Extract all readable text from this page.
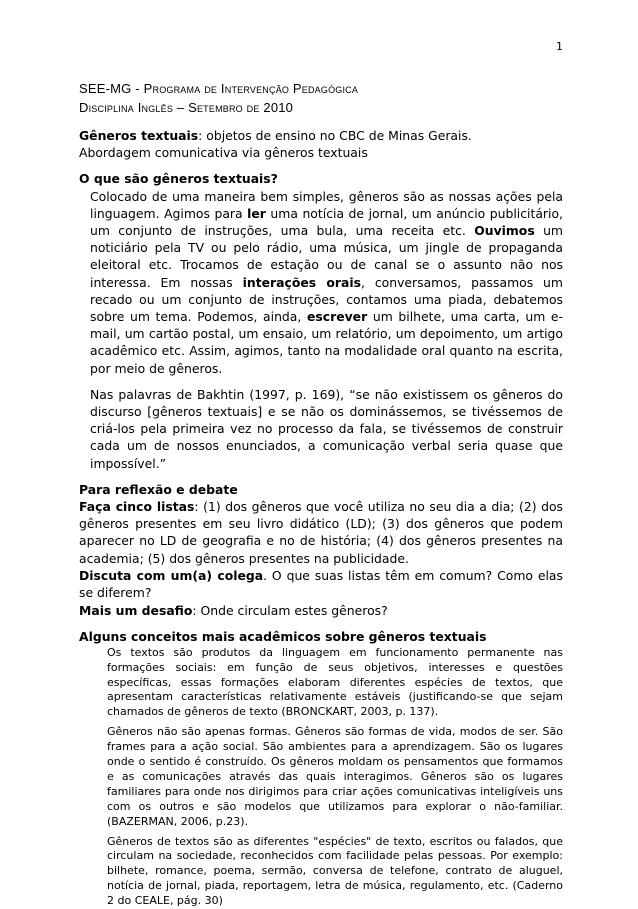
1
SEE-MG - Programa de Intervenção Pedagógica
Disciplina Inglês – Setembro de 2010

Gêneros textuais: objetos de ensino no CBC de Minas Gerais.

Abordagem comunicativa via gêneros textuais

O que são gêneros textuais?

Colocado de uma maneira bem simples, gêneros são as nossas ações pela linguagem. Agimos para ler uma notícia de jornal, um anúncio publicitário, um conjunto de instruções, uma bula, uma receita etc. Ouvimos um noticiário pela TV ou pelo rádio, uma música, um jingle de propaganda eleitoral etc. Trocamos de estação ou de canal se o assunto não nos interessa. Em nossas interações orais, conversamos, passamos um recado ou um conjunto de instruções, contamos uma piada, debatemos sobre um tema. Podemos, ainda, escrever um bilhete, uma carta, um e-mail, um cartão postal, um ensaio, um relatório, um depoimento, um artigo acadêmico etc. Assim, agimos, tanto na modalidade oral quanto na escrita, por meio de gêneros.

Nas palavras de Bakhtin (1997, p. 169), “se não existissem os gêneros do discurso [gêneros textuais] e se não os dominássemos, se tivéssemos de criá-los pela primeira vez no processo da fala, se tivéssemos de construir cada um de nossos enunciados, a comunicação verbal seria quase que impossível.”

Para reflexão e debate

Faça cinco listas: (1) dos gêneros que você utiliza no seu dia a dia; (2) dos gêneros presentes em seu livro didático (LD); (3) dos gêneros que podem aparecer no LD de geografia e no de história; (4) dos gêneros presentes na academia; (5) dos gêneros presentes na publicidade.

Discuta com um(a) colega. O que suas listas têm em comum? Como elas se diferem?

Mais um desafio: Onde circulam estes gêneros?

Alguns conceitos mais acadêmicos sobre gêneros textuais

Os textos são produtos da linguagem em funcionamento permanente nas formações sociais: em função de seus objetivos, interesses e questões específicas, essas formações elaboram diferentes espécies de textos, que apresentam características relativamente estáveis (justificando-se que sejam chamados de gêneros de texto (BRONCKART, 2003, p. 137).

Gêneros não são apenas formas. Gêneros são formas de vida, modos de ser. São frames para a ação social. São ambientes para a aprendizagem. São os lugares onde o sentido é construído. Os gêneros moldam os pensamentos que formamos e as comunicações através das quais interagimos. Gêneros são os lugares familiares para onde nos dirigimos para criar ações comunicativas inteligíveis uns com os outros e são modelos que utilizamos para explorar o não-familiar. (BAZERMAN, 2006, p.23).

Gêneros de textos são as diferentes "espécies" de texto, escritos ou falados, que circulam na sociedade, reconhecidos com facilidade pelas pessoas. Por exemplo: bilhete, romance, poema, sermão, conversa de telefone, contrato de aluguel, notícia de jornal, piada, reportagem, letra de música, regulamento, etc. (Caderno 2 do CEALE, pág. 30)
